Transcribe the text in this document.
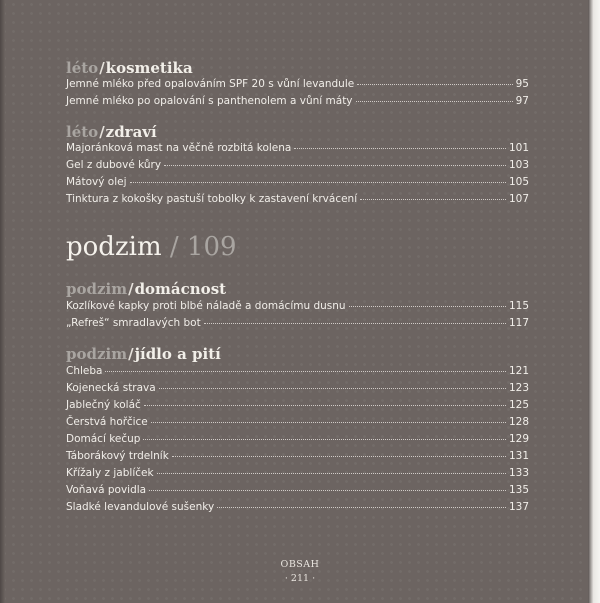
léto/kosmetika
Jemné mléko před opalováním SPF 20 s vůní levandule	95
Jemné mléko po opalování s panthenolem a vůní máty	97
léto/zdraví
Majoránková mast na věčně rozbitá kolena	101
Gel z dubové kůry	103
Mátový olej	105
Tinktura z kokošky pastuší tobolky k zastavení krvácení	107
podzim / 109
podzim/domácnost
Kozlíkové kapky proti blbé náladě a domácímu dusnu	115
„Refreš“ smradlavých bot	117
podzim/jídlo a pití
Chleba	121
Kojenecká strava	123
Jablečný koláč	125
Čerstvá hořčice	128
Domácí kečup	129
Táborákový trdelník	131
Křížaly z jablíček	133
Voňavá povidla	135
Sladké levandulové sušenky	137
OBSAH
· 211 ·
